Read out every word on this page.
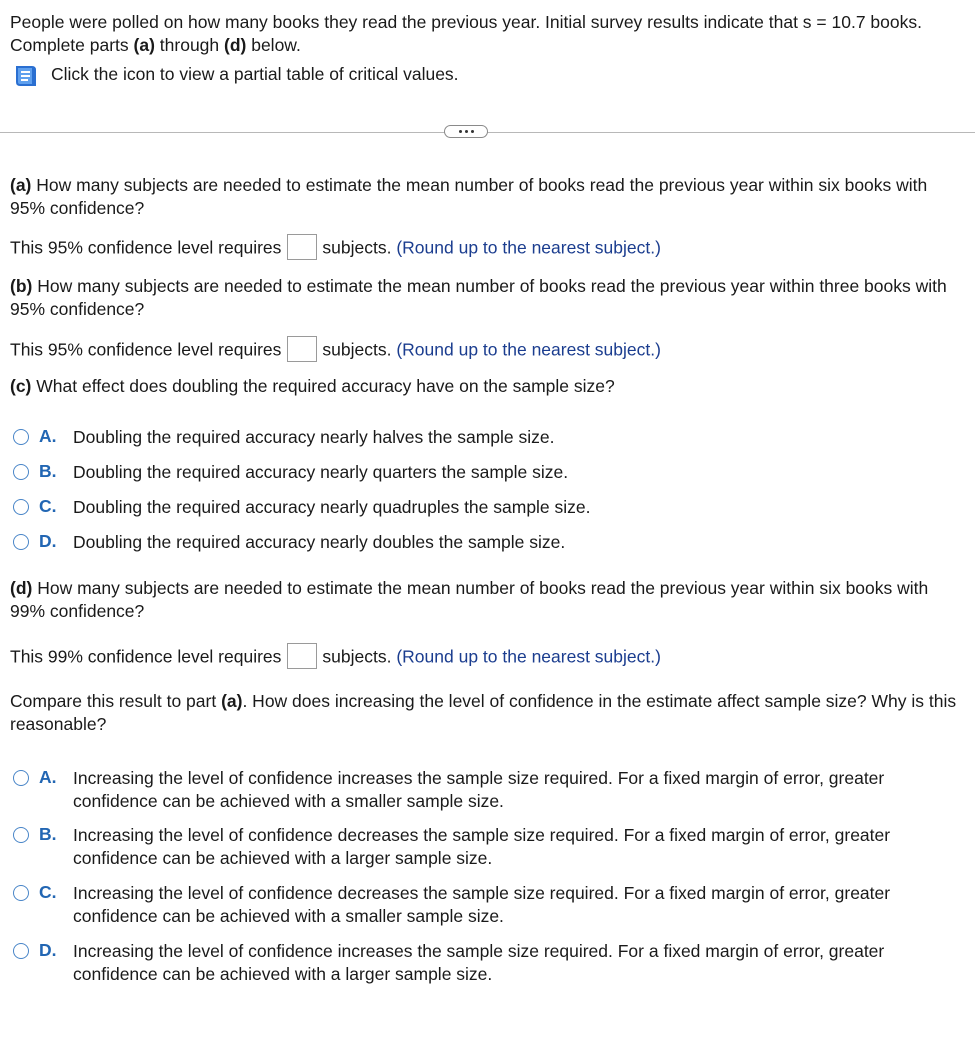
People were polled on how many books they read the previous year. Initial survey results indicate that s = 10.7 books.
Complete parts (a) through (d) below.
Click the icon to view a partial table of critical values.
(a) How many subjects are needed to estimate the mean number of books read the previous year within six books with 95% confidence?
This 95% confidence level requires subjects. (Round up to the nearest subject.)
(b) How many subjects are needed to estimate the mean number of books read the previous year within three books with 95% confidence?
This 95% confidence level requires subjects. (Round up to the nearest subject.)
(c) What effect does doubling the required accuracy have on the sample size?
A. Doubling the required accuracy nearly halves the sample size.
B. Doubling the required accuracy nearly quarters the sample size.
C. Doubling the required accuracy nearly quadruples the sample size.
D. Doubling the required accuracy nearly doubles the sample size.
(d) How many subjects are needed to estimate the mean number of books read the previous year within six books with 99% confidence?
This 99% confidence level requires subjects. (Round up to the nearest subject.)
Compare this result to part (a). How does increasing the level of confidence in the estimate affect sample size? Why is this reasonable?
A. Increasing the level of confidence increases the sample size required. For a fixed margin of error, greater confidence can be achieved with a smaller sample size.
B. Increasing the level of confidence decreases the sample size required. For a fixed margin of error, greater confidence can be achieved with a larger sample size.
C. Increasing the level of confidence decreases the sample size required. For a fixed margin of error, greater confidence can be achieved with a smaller sample size.
D. Increasing the level of confidence increases the sample size required. For a fixed margin of error, greater confidence can be achieved with a larger sample size.
